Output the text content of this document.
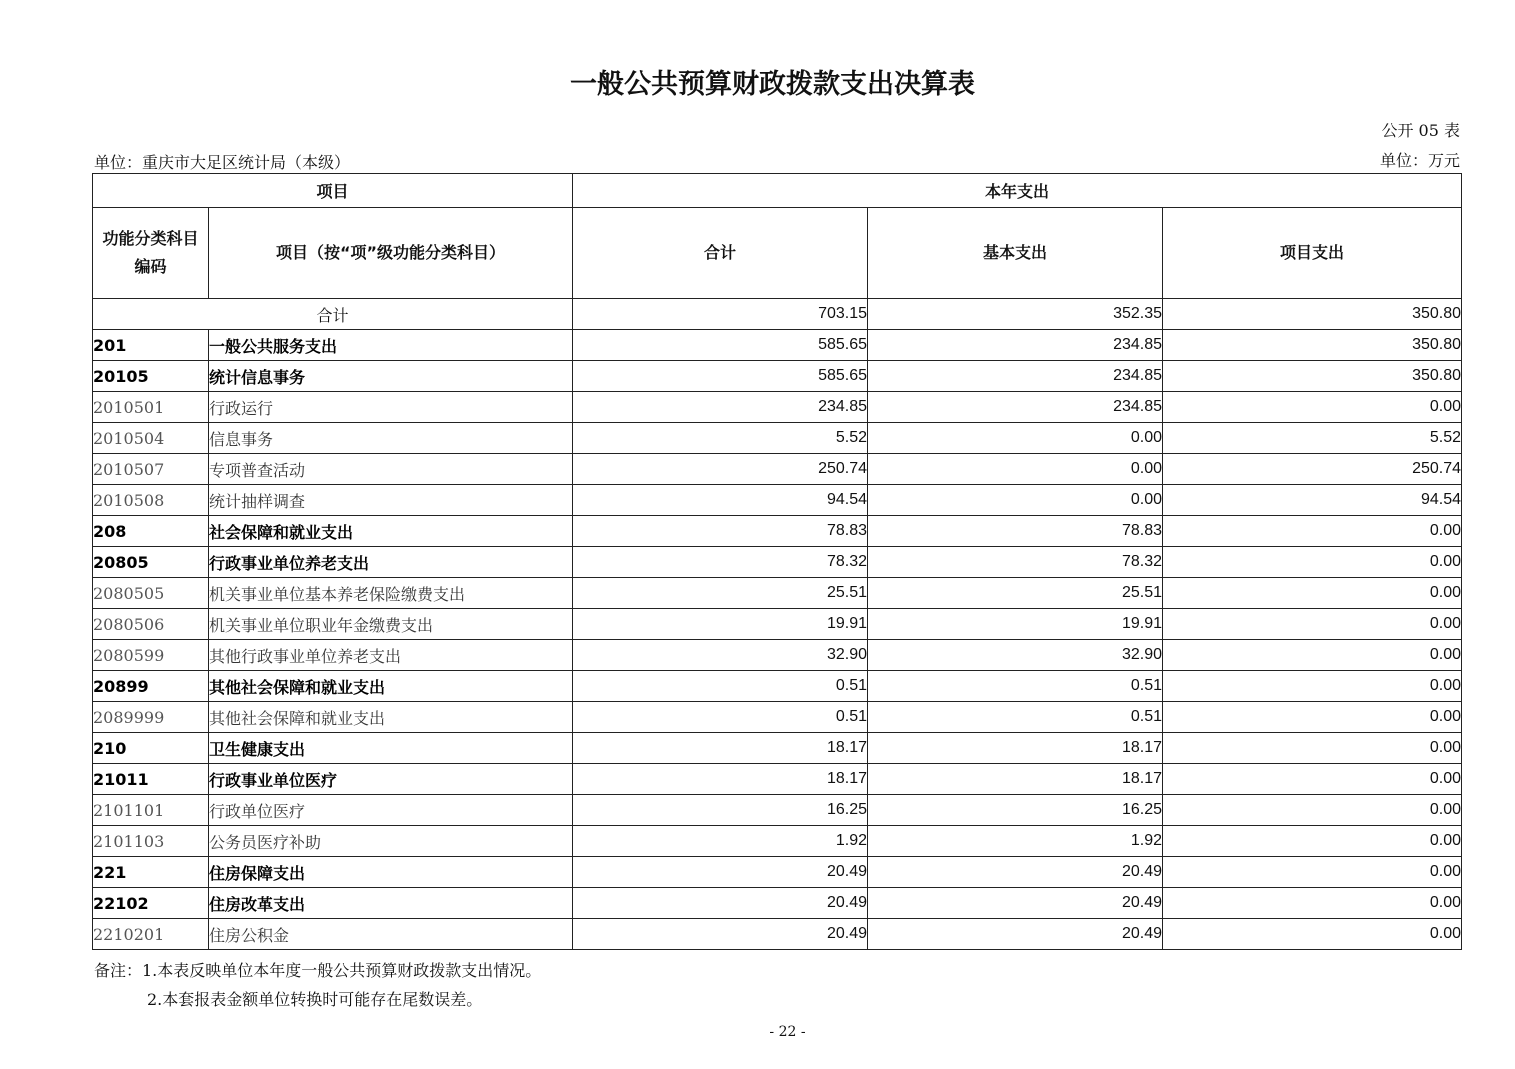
一般公共预算财政拨款支出决算表
公开 05 表
单位：重庆市大足区统计局（本级）	单位：万元
项目		本年支出		
功能分类科目编码	项目（按“项”级功能分类科目）	合计	基本支出	项目支出
合计		703.15	352.35	350.80
201	一般公共服务支出	585.65	234.85	350.80
20105	统计信息事务	585.65	234.85	350.80
2010501	行政运行	234.85	234.85	0.00
2010504	信息事务	5.52	0.00	5.52
2010507	专项普查活动	250.74	0.00	250.74
2010508	统计抽样调查	94.54	0.00	94.54
208	社会保障和就业支出	78.83	78.83	0.00
20805	行政事业单位养老支出	78.32	78.32	0.00
2080505	机关事业单位基本养老保险缴费支出	25.51	25.51	0.00
2080506	机关事业单位职业年金缴费支出	19.91	19.91	0.00
2080599	其他行政事业单位养老支出	32.90	32.90	0.00
20899	其他社会保障和就业支出	0.51	0.51	0.00
2089999	其他社会保障和就业支出	0.51	0.51	0.00
210	卫生健康支出	18.17	18.17	0.00
21011	行政事业单位医疗	18.17	18.17	0.00
2101101	行政单位医疗	16.25	16.25	0.00
2101103	公务员医疗补助	1.92	1.92	0.00
221	住房保障支出	20.49	20.49	0.00
22102	住房改革支出	20.49	20.49	0.00
2210201	住房公积金	20.49	20.49	0.00
备注：1.本表反映单位本年度一般公共预算财政拨款支出情况。
2.本套报表金额单位转换时可能存在尾数误差。
- 22 -
